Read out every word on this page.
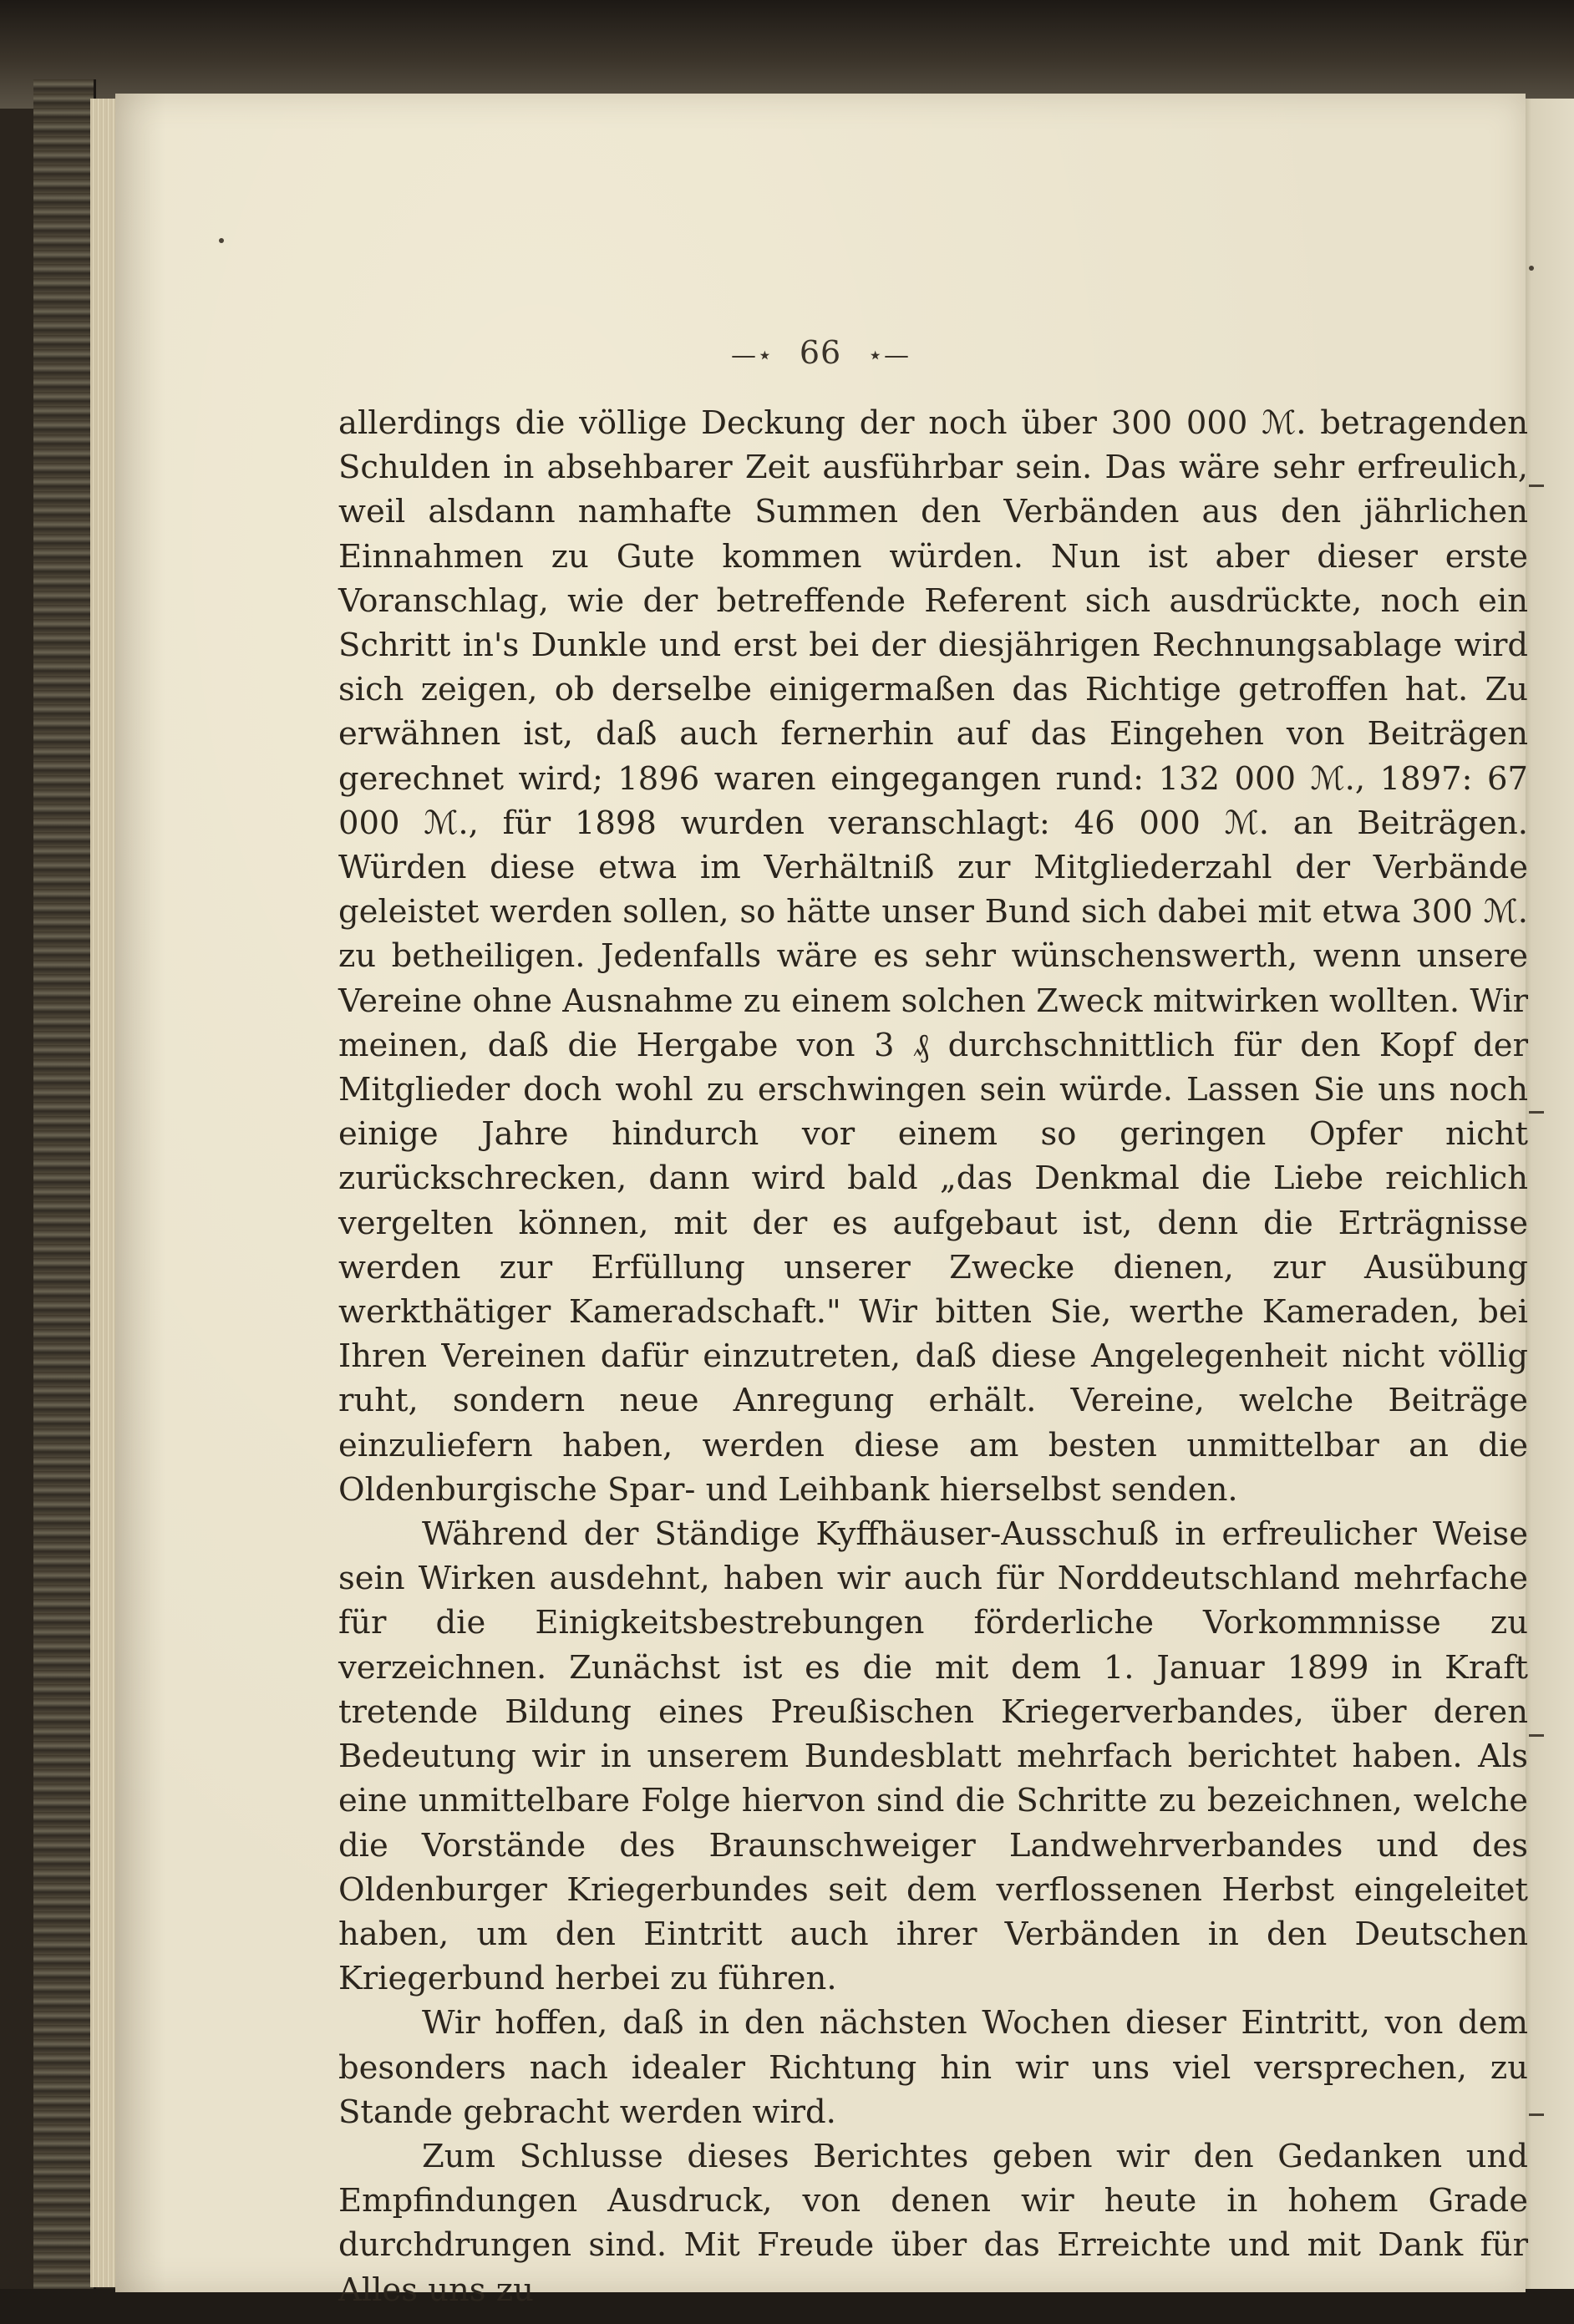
—⋆ 66 ⋆—

allerdings die völlige Deckung der noch über 300 000 ℳ. betragenden Schulden in absehbarer Zeit ausführbar sein. Das wäre sehr erfreulich, weil alsdann namhafte Summen den Verbänden aus den jährlichen Einnahmen zu Gute kommen würden. Nun ist aber dieser erste Voranschlag, wie der betreffende Referent sich ausdrückte, noch ein Schritt in's Dunkle und erst bei der diesjährigen Rechnungsablage wird sich zeigen, ob derselbe einigermaßen das Richtige getroffen hat. Zu erwähnen ist, daß auch fernerhin auf das Eingehen von Beiträgen gerechnet wird; 1896 waren eingegangen rund: 132 000 ℳ., 1897: 67 000 ℳ., für 1898 wurden veranschlagt: 46 000 ℳ. an Beiträgen. Würden diese etwa im Verhältniß zur Mitgliederzahl der Verbände geleistet werden sollen, so hätte unser Bund sich dabei mit etwa 300 ℳ. zu betheiligen. Jedenfalls wäre es sehr wünschenswerth, wenn unsere Vereine ohne Ausnahme zu einem solchen Zweck mitwirken wollten. Wir meinen, daß die Hergabe von 3 ₰ durchschnittlich für den Kopf der Mitglieder doch wohl zu erschwingen sein würde. Lassen Sie uns noch einige Jahre hindurch vor einem so geringen Opfer nicht zurückschrecken, dann wird bald „das Denkmal die Liebe reichlich vergelten können, mit der es aufgebaut ist, denn die Erträgnisse werden zur Erfüllung unserer Zwecke dienen, zur Ausübung werkthätiger Kameradschaft." Wir bitten Sie, werthe Kameraden, bei Ihren Vereinen dafür einzutreten, daß diese Angelegenheit nicht völlig ruht, sondern neue Anregung erhält. Vereine, welche Beiträge einzuliefern haben, werden diese am besten unmittelbar an die Oldenburgische Spar- und Leihbank hierselbst senden.

Während der Ständige Kyffhäuser-Ausschuß in erfreulicher Weise sein Wirken ausdehnt, haben wir auch für Norddeutschland mehrfache für die Einigkeitsbestrebungen förderliche Vorkommnisse zu verzeichnen. Zunächst ist es die mit dem 1. Januar 1899 in Kraft tretende Bildung eines Preußischen Kriegerverbandes, über deren Bedeutung wir in unserem Bundesblatt mehrfach berichtet haben. Als eine unmittelbare Folge hiervon sind die Schritte zu bezeichnen, welche die Vorstände des Braunschweiger Landwehrverbandes und des Oldenburger Kriegerbundes seit dem verflossenen Herbst eingeleitet haben, um den Eintritt auch ihrer Verbänden in den Deutschen Kriegerbund herbei zu führen.

Wir hoffen, daß in den nächsten Wochen dieser Eintritt, von dem besonders nach idealer Richtung hin wir uns viel versprechen, zu Stande gebracht werden wird.

Zum Schlusse dieses Berichtes geben wir den Gedanken und Empfindungen Ausdruck, von denen wir heute in hohem Grade durchdrungen sind. Mit Freude über das Erreichte und mit Dank für Alles uns zu
